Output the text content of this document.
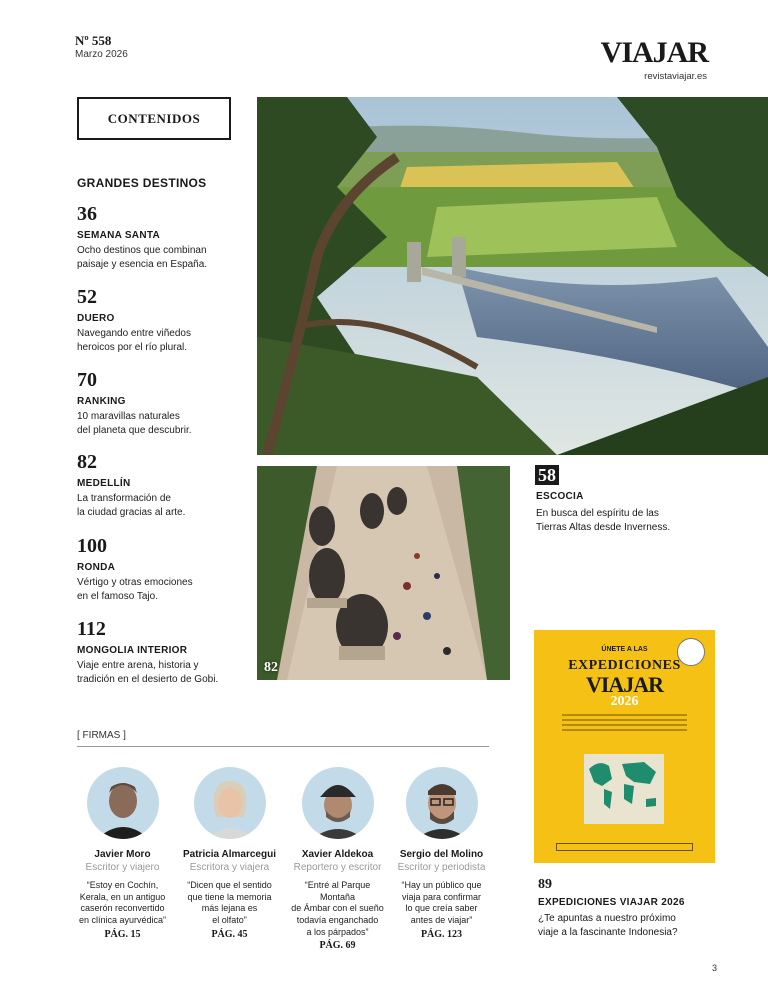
Nº 558
Marzo 2026	VIAJAR
revistaviajar.es
CONTENIDOS
GRANDES DESTINOS
36
SEMANA SANTA
Ocho destinos que combinan
paisaje y esencia en España.
52
DUERO
Navegando entre viñedos
heroicos por el río plural.
70
RANKING
10 maravillas naturales
del planeta que descubrir.
82
MEDELLÍN
La transformación de
la ciudad gracias al arte.
100
RONDA
Vértigo y otras emociones
en el famoso Tajo.
112
MONGOLIA INTERIOR
Viaje entre arena, historia y
tradición en el desierto de Gobi.
82
58
ESCOCIA
En busca del espíritu de las
Tierras Altas desde Inverness.
ÚNETE A LAS
EXPEDICIONES
VIAJAR
2026
89
EXPEDICIONES VIAJAR 2026
¿Te apuntas a nuestro próximo
viaje a la fascinante Indonesia?
[ FIRMAS ]
Javier Moro
Escritor y viajero
“Estoy en Cochín,
Kerala, en un antiguo
caserón reconvertido
en clínica ayurvédica”
PÁG. 15
Patricia Almarcegui
Escritora y viajera
“Dicen que el sentido
que tiene la memoria
más lejana es
el olfato”
PÁG. 45
Xavier Aldekoa
Reportero y escritor
“Entré al Parque Montaña
de Ámbar con el sueño
todavía enganchado
a los párpados”
PÁG. 69
Sergio del Molino
Escritor y periodista
“Hay un público que
viaja para confirmar
lo que creía saber
antes de viajar”
PÁG. 123
3
